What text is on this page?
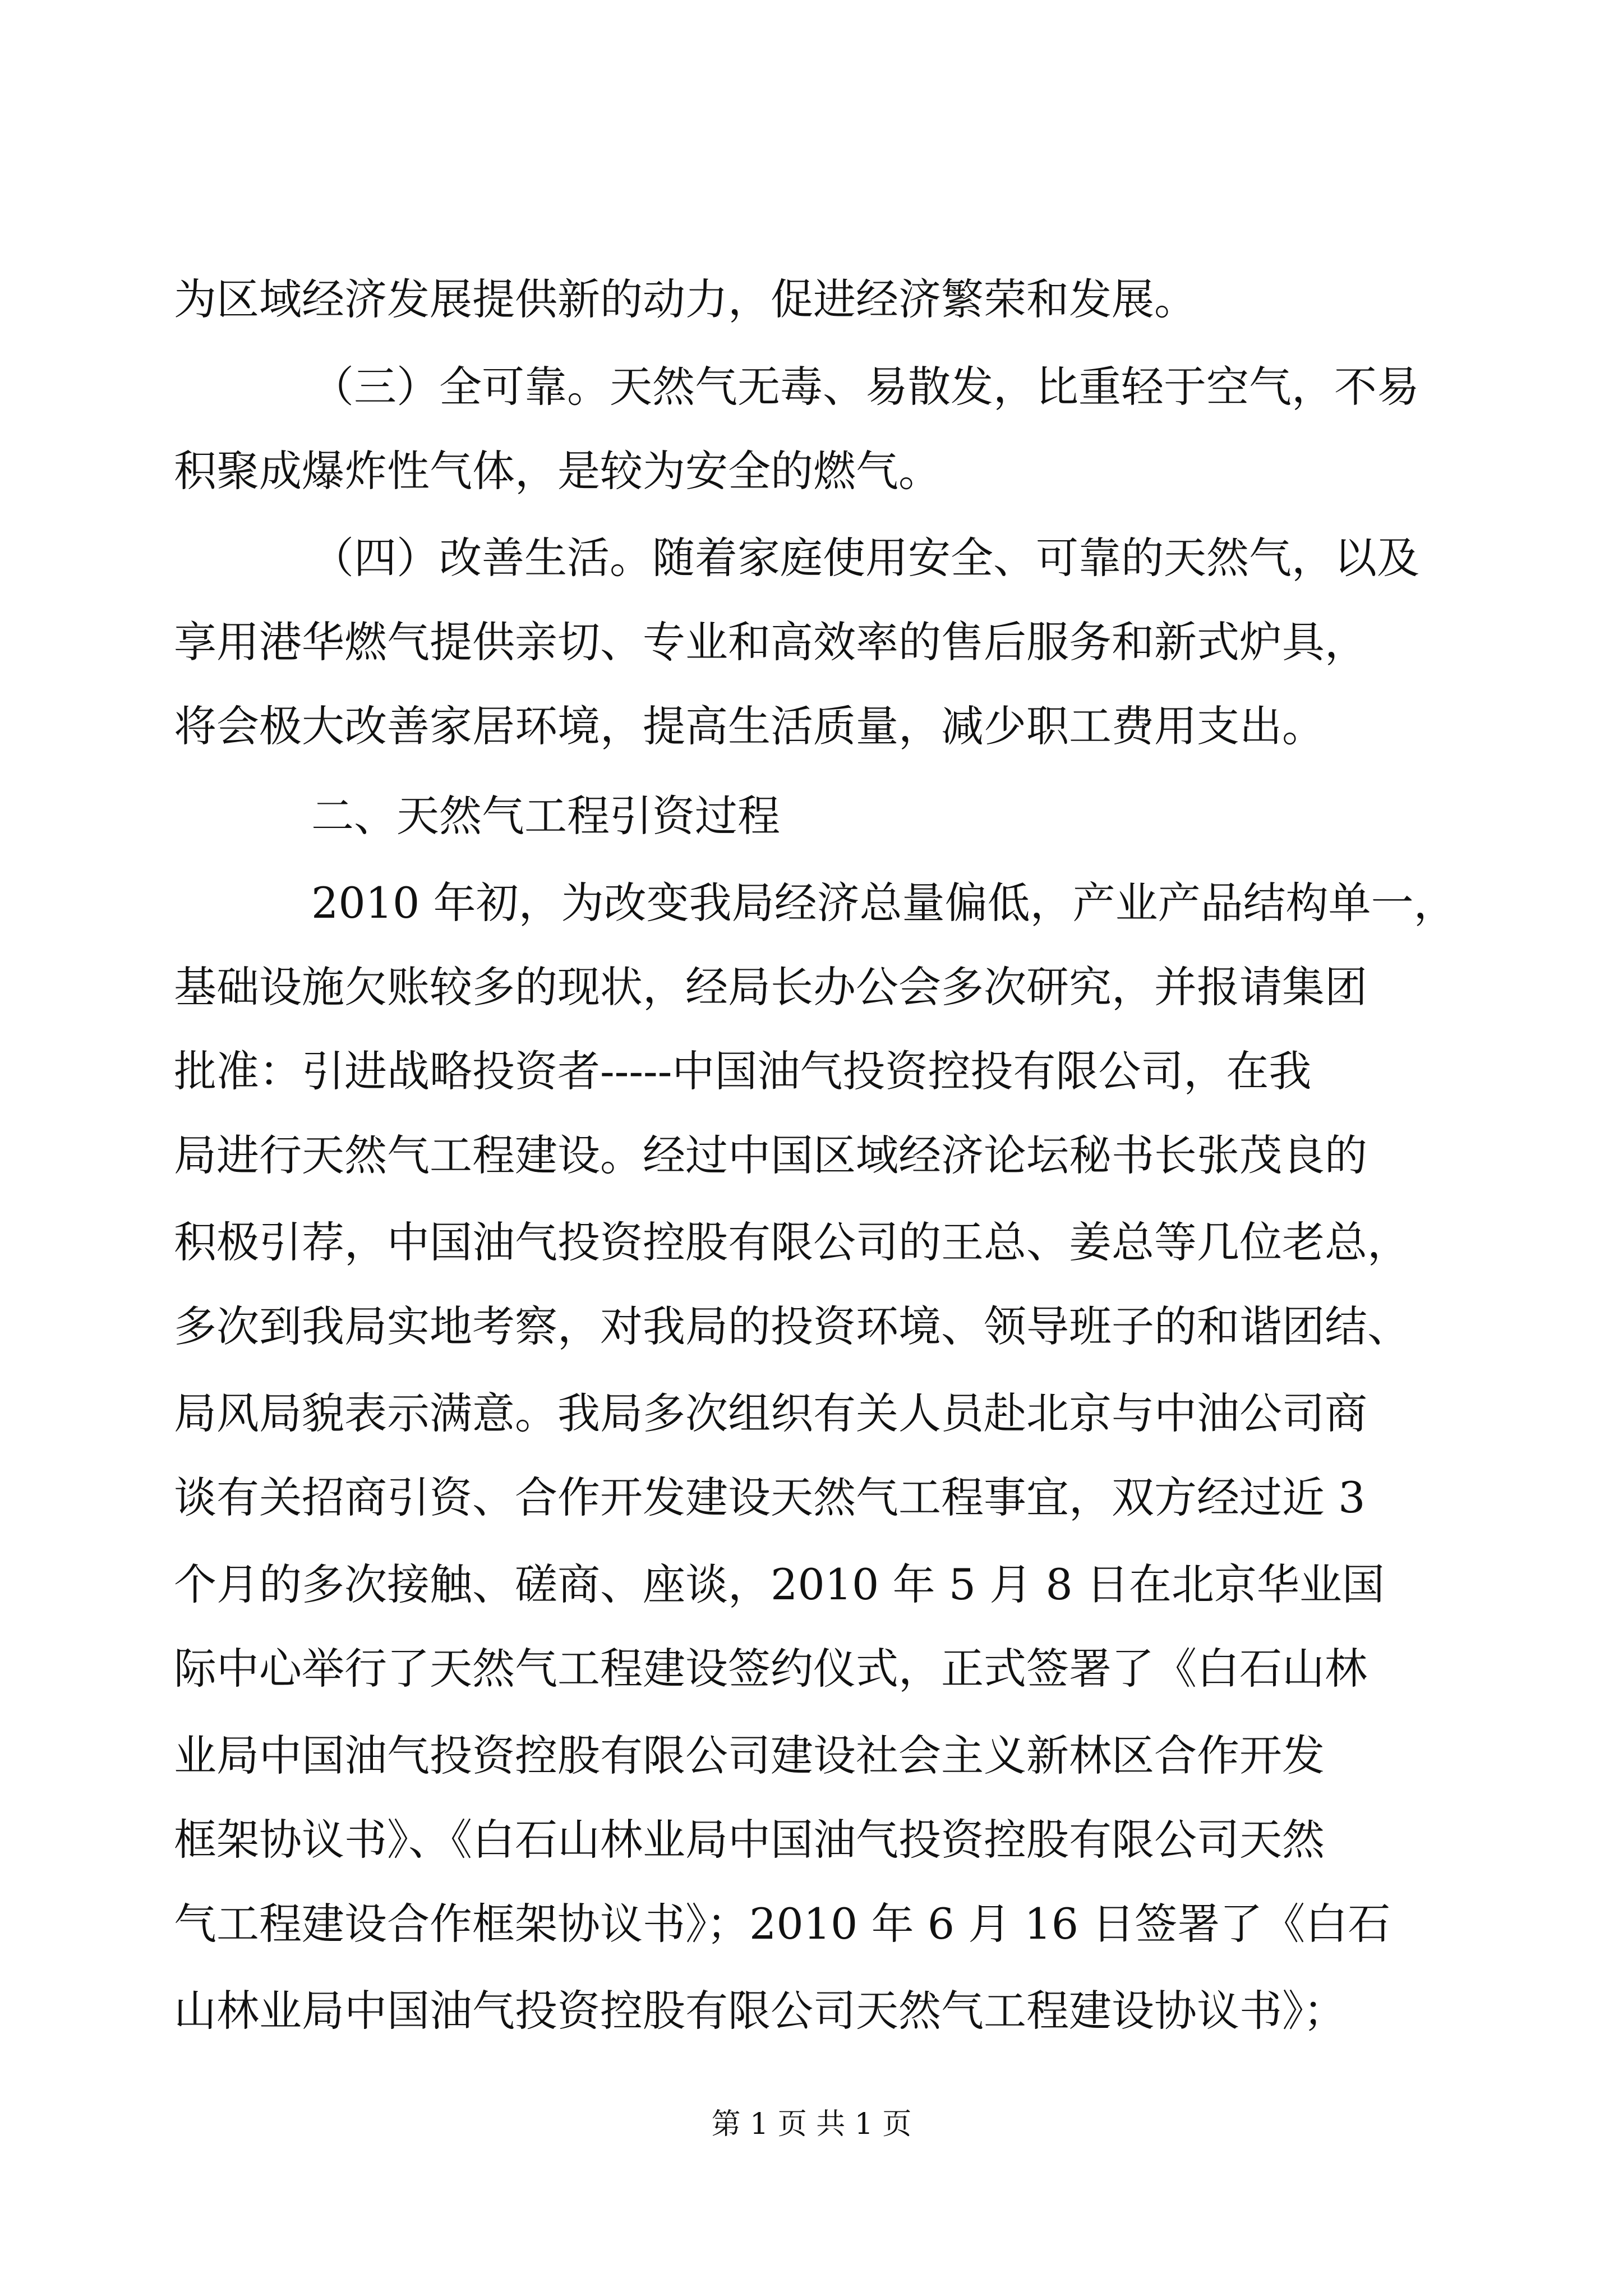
为区域经济发展提供新的动力，促进经济繁荣和发展。
（三）全可靠。天然气无毒、易散发，比重轻于空气，不易
积聚成爆炸性气体，是较为安全的燃气。
（四）改善生活。随着家庭使用安全、可靠的天然气，以及
享用港华燃气提供亲切、专业和高效率的售后服务和新式炉具，
将会极大改善家居环境，提高生活质量，减少职工费用支出。
二、天然气工程引资过程
2010 年初，为改变我局经济总量偏低，产业产品结构单一，
基础设施欠账较多的现状，经局长办公会多次研究，并报请集团
批准：引进战略投资者-----中国油气投资控投有限公司，在我
局进行天然气工程建设。经过中国区域经济论坛秘书长张茂良的
积极引荐，中国油气投资控股有限公司的王总、姜总等几位老总，
多次到我局实地考察，对我局的投资环境、领导班子的和谐团结、
局风局貌表示满意。我局多次组织有关人员赴北京与中油公司商
谈有关招商引资、合作开发建设天然气工程事宜，双方经过近 3
个月的多次接触、磋商、座谈，2010 年 5 月 8 日在北京华业国
际中心举行了天然气工程建设签约仪式，正式签署了《白石山林
业局中国油气投资控股有限公司建设社会主义新林区合作开发
框架协议书》、《白石山林业局中国油气投资控股有限公司天然
气工程建设合作框架协议书》；2010 年 6 月 16 日签署了《白石
山林业局中国油气投资控股有限公司天然气工程建设协议书》；
第 1 页 共 1 页
